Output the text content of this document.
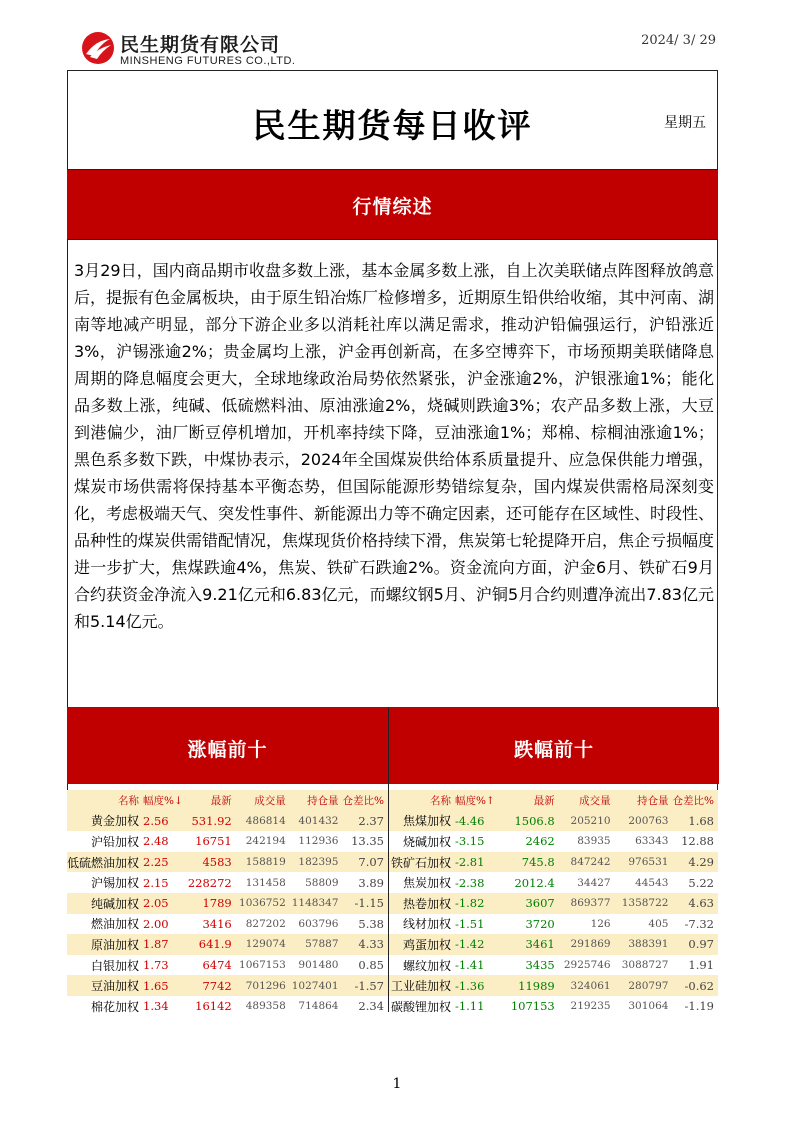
民生期货有限公司
MINSHENG FUTURES CO.,LTD.
2024/ 3/ 29
民生期货每日收评	星期五
行情综述
3月29日，国内商品期市收盘多数上涨，基本金属多数上涨，自上次美联储点阵图释放鸽意后，提振有色金属板块，由于原生铅冶炼厂检修增多，近期原生铅供给收缩，其中河南、湖南等地减产明显，部分下游企业多以消耗社库以满足需求，推动沪铅偏强运行，沪铅涨近3%，沪锡涨逾2%；贵金属均上涨，沪金再创新高，在多空博弈下，市场预期美联储降息周期的降息幅度会更大，全球地缘政治局势依然紧张，沪金涨逾2%，沪银涨逾1%；能化品多数上涨，纯碱、低硫燃料油、原油涨逾2%，烧碱则跌逾3%；农产品多数上涨，大豆到港偏少，油厂断豆停机增加，开机率持续下降，豆油涨逾1%；郑棉、棕榈油涨逾1%；黑色系多数下跌，中煤协表示，2024年全国煤炭供给体系质量提升、应急保供能力增强，煤炭市场供需将保持基本平衡态势，但国际能源形势错综复杂，国内煤炭供需格局深刻变化，考虑极端天气、突发性事件、新能源出力等不确定因素，还可能存在区域性、时段性、品种性的煤炭供需错配情况，焦煤现货价格持续下滑，焦炭第七轮提降开启，焦企亏损幅度进一步扩大，焦煤跌逾4%，焦炭、铁矿石跌逾2%。资金流向方面，沪金6月、铁矿石9月合约获资金净流入9.21亿元和6.83亿元，而螺纹钢5月、沪铜5月合约则遭净流出7.83亿元和5.14亿元。
涨幅前十
名称	幅度%↓	最新	成交量	持仓量	仓差比%
黄金加权	2.56	531.92	486814	401432	2.37
沪铅加权	2.48	16751	242194	112936	13.35
低硫燃油加权	2.25	4583	158819	182395	7.07
沪锡加权	2.15	228272	131458	58809	3.89
纯碱加权	2.05	1789	1036752	1148347	-1.15
燃油加权	2.00	3416	827202	603796	5.38
原油加权	1.87	641.9	129074	57887	4.33
白银加权	1.73	6474	1067153	901480	0.85
豆油加权	1.65	7742	701296	1027401	-1.57
棉花加权	1.34	16142	489358	714864	2.34
跌幅前十
名称	幅度%↑	最新	成交量	持仓量	仓差比%
焦煤加权	-4.46	1506.8	205210	200763	1.68
烧碱加权	-3.15	2462	83935	63343	12.88
铁矿石加权	-2.81	745.8	847242	976531	4.29
焦炭加权	-2.38	2012.4	34427	44543	5.22
热卷加权	-1.82	3607	869377	1358722	4.63
线材加权	-1.51	3720	126	405	-7.32
鸡蛋加权	-1.42	3461	291869	388391	0.97
螺纹加权	-1.41	3435	2925746	3088727	1.91
工业硅加权	-1.36	11989	324061	280797	-0.62
碳酸锂加权	-1.11	107153	219235	301064	-1.19
1
